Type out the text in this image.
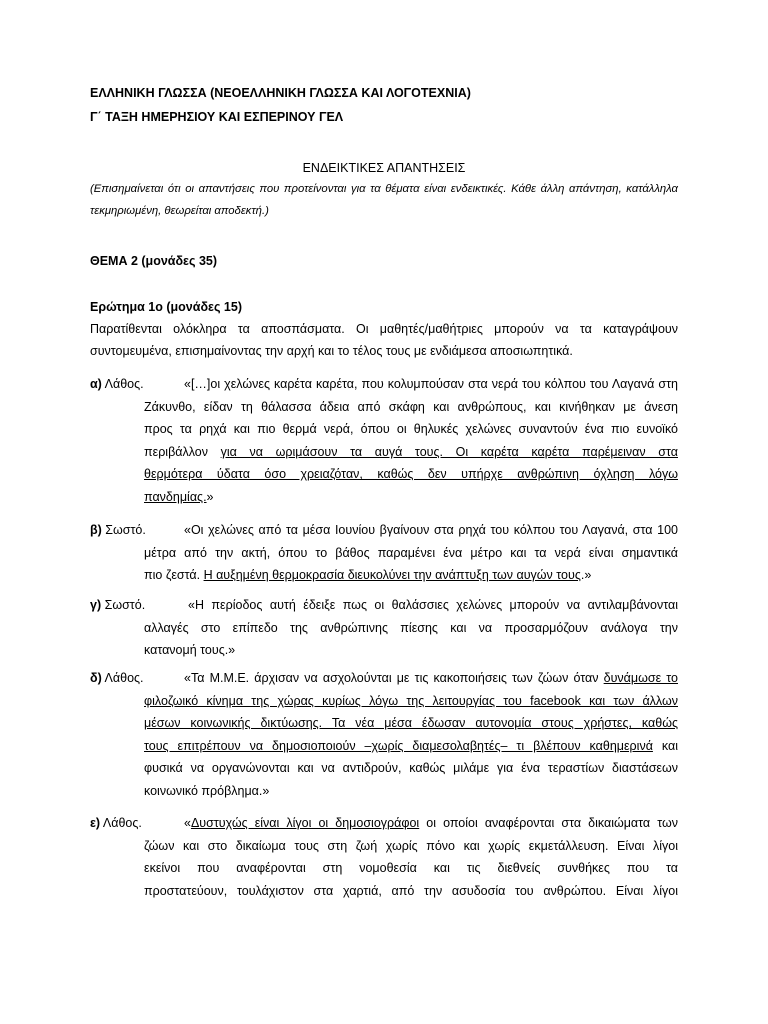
ΕΛΛΗΝΙΚΗ ΓΛΩΣΣΑ (ΝΕΟΕΛΛΗΝΙΚΗ ΓΛΩΣΣΑ ΚΑΙ ΛΟΓΟΤΕΧΝΙΑ)
Γ΄ ΤΑΞΗ ΗΜΕΡΗΣΙΟΥ ΚΑΙ ΕΣΠΕΡΙΝΟΥ ΓΕΛ
ΕΝΔΕΙΚΤΙΚΕΣ ΑΠΑΝΤΗΣΕΙΣ
(Επισημαίνεται ότι οι απαντήσεις που προτείνονται για τα θέματα είναι ενδεικτικές. Κάθε άλλη απάντηση, κατάλληλα τεκμηριωμένη, θεωρείται αποδεκτή.)
ΘΕΜΑ 2 (μονάδες 35)
Ερώτημα 1ο (μονάδες 15)
Παρατίθενται ολόκληρα τα αποσπάσματα. Οι μαθητές/μαθήτριες μπορούν να τα καταγράψουν συντομευμένα, επισημαίνοντας την αρχή και το τέλος τους με ενδιάμεσα αποσιωπητικά.
α) Λάθος.	«[…]οι χελώνες καρέτα καρέτα, που κολυμπούσαν στα νερά του κόλπου του Λαγανά στη
Ζάκυνθο, είδαν τη θάλασσα άδεια από σκάφη και ανθρώπους, και κινήθηκαν με άνεση
προς τα ρηχά και πιο θερμά νερά, όπου οι θηλυκές χελώνες συναντούν ένα πιο ευνοϊκό
περιβάλλον για να ωριμάσουν τα αυγά τους. Οι καρέτα καρέτα παρέμειναν στα
θερμότερα ύδατα όσο χρειαζόταν, καθώς δεν υπήρχε ανθρώπινη όχληση λόγω
πανδημίας.»
β) Σωστό.	«Οι χελώνες από τα μέσα Ιουνίου βγαίνουν στα ρηχά του κόλπου του Λαγανά, στα 100
μέτρα από την ακτή, όπου το βάθος παραμένει ένα μέτρο και τα νερά είναι σημαντικά
πιο ζεστά. Η αυξημένη θερμοκρασία διευκολύνει την ανάπτυξη των αυγών τους.»
γ) Σωστό.	«Η περίοδος αυτή έδειξε πως οι θαλάσσιες χελώνες μπορούν να αντιλαμβάνονται
αλλαγές στο επίπεδο της ανθρώπινης πίεσης και να προσαρμόζουν ανάλογα την
κατανομή τους.»
δ) Λάθος.	«Τα Μ.Μ.Ε. άρχισαν να ασχολούνται με τις κακοποιήσεις των ζώων όταν δυνάμωσε το
φιλοζωικό κίνημα της χώρας κυρίως λόγω της λειτουργίας του facebook και των άλλων
μέσων κοινωνικής δικτύωσης. Τα νέα μέσα έδωσαν αυτονομία στους χρήστες, καθώς
τους επιτρέπουν να δημοσιοποιούν –χωρίς διαμεσολαβητές– τι βλέπουν καθημερινά και
φυσικά να οργανώνονται και να αντιδρούν, καθώς μιλάμε για ένα τεραστίων διαστάσεων
κοινωνικό πρόβλημα.»
ε) Λάθος.	«Δυστυχώς είναι λίγοι οι δημοσιογράφοι οι οποίοι αναφέρονται στα δικαιώματα των
ζώων και στο δικαίωμα τους στη ζωή χωρίς πόνο και χωρίς εκμετάλλευση. Είναι λίγοι
εκείνοι που αναφέρονται στη νομοθεσία και τις διεθνείς συνθήκες που τα
προστατεύουν, τουλάχιστον στα χαρτιά, από την ασυδοσία του ανθρώπου. Είναι λίγοι
